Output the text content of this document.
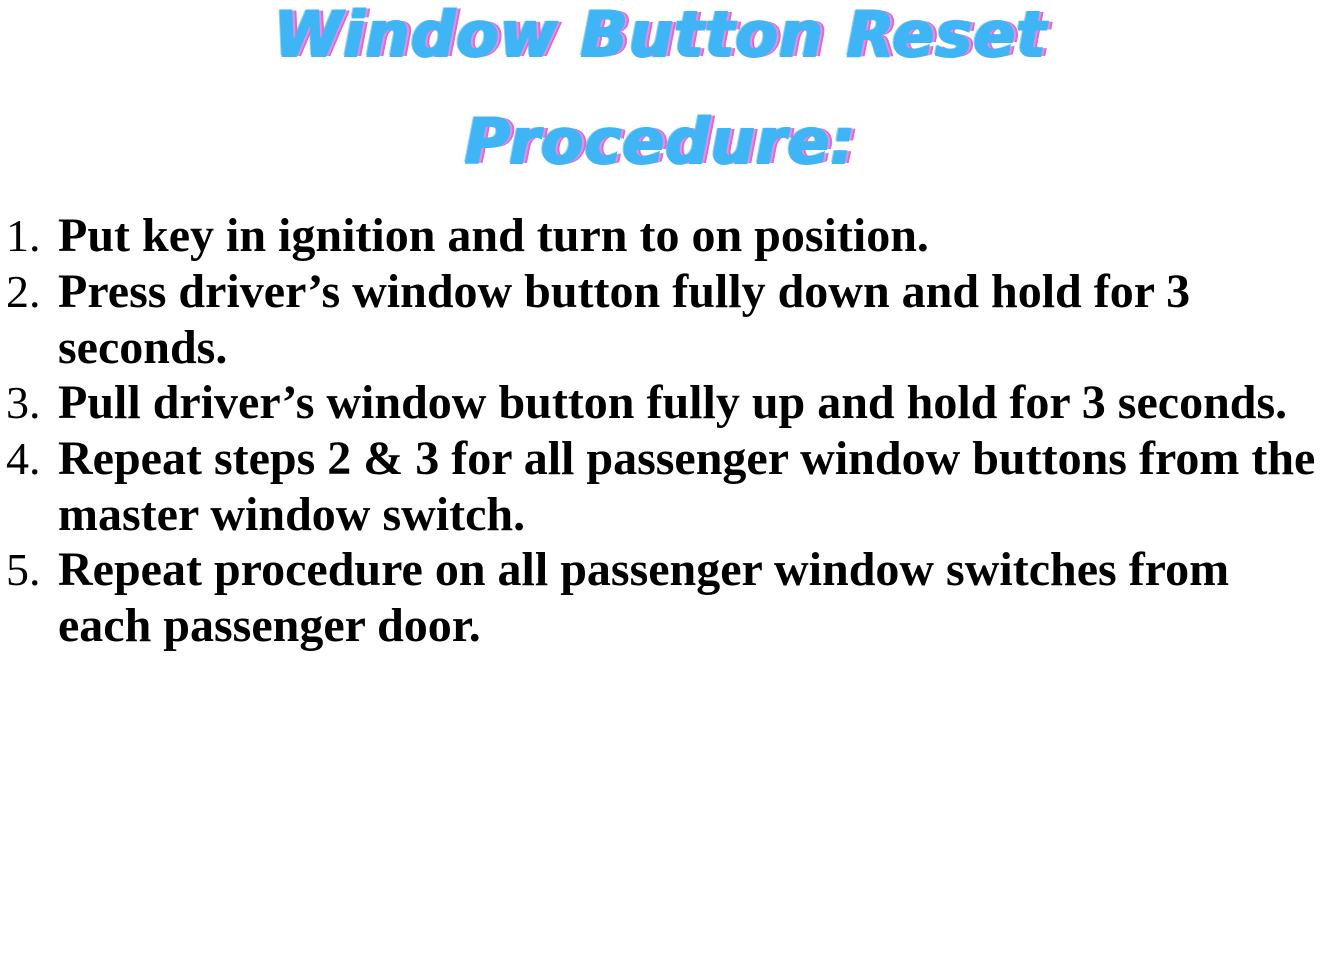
Window Button Reset
Procedure:
1. Put key in ignition and turn to on position.
2. Press driver’s window button fully down and hold for 3 seconds.
3. Pull driver’s window button fully up and hold for 3 seconds.
4. Repeat steps 2 & 3 for all passenger window buttons from the master window switch.
5. Repeat procedure on all passenger window switches from each passenger door.
